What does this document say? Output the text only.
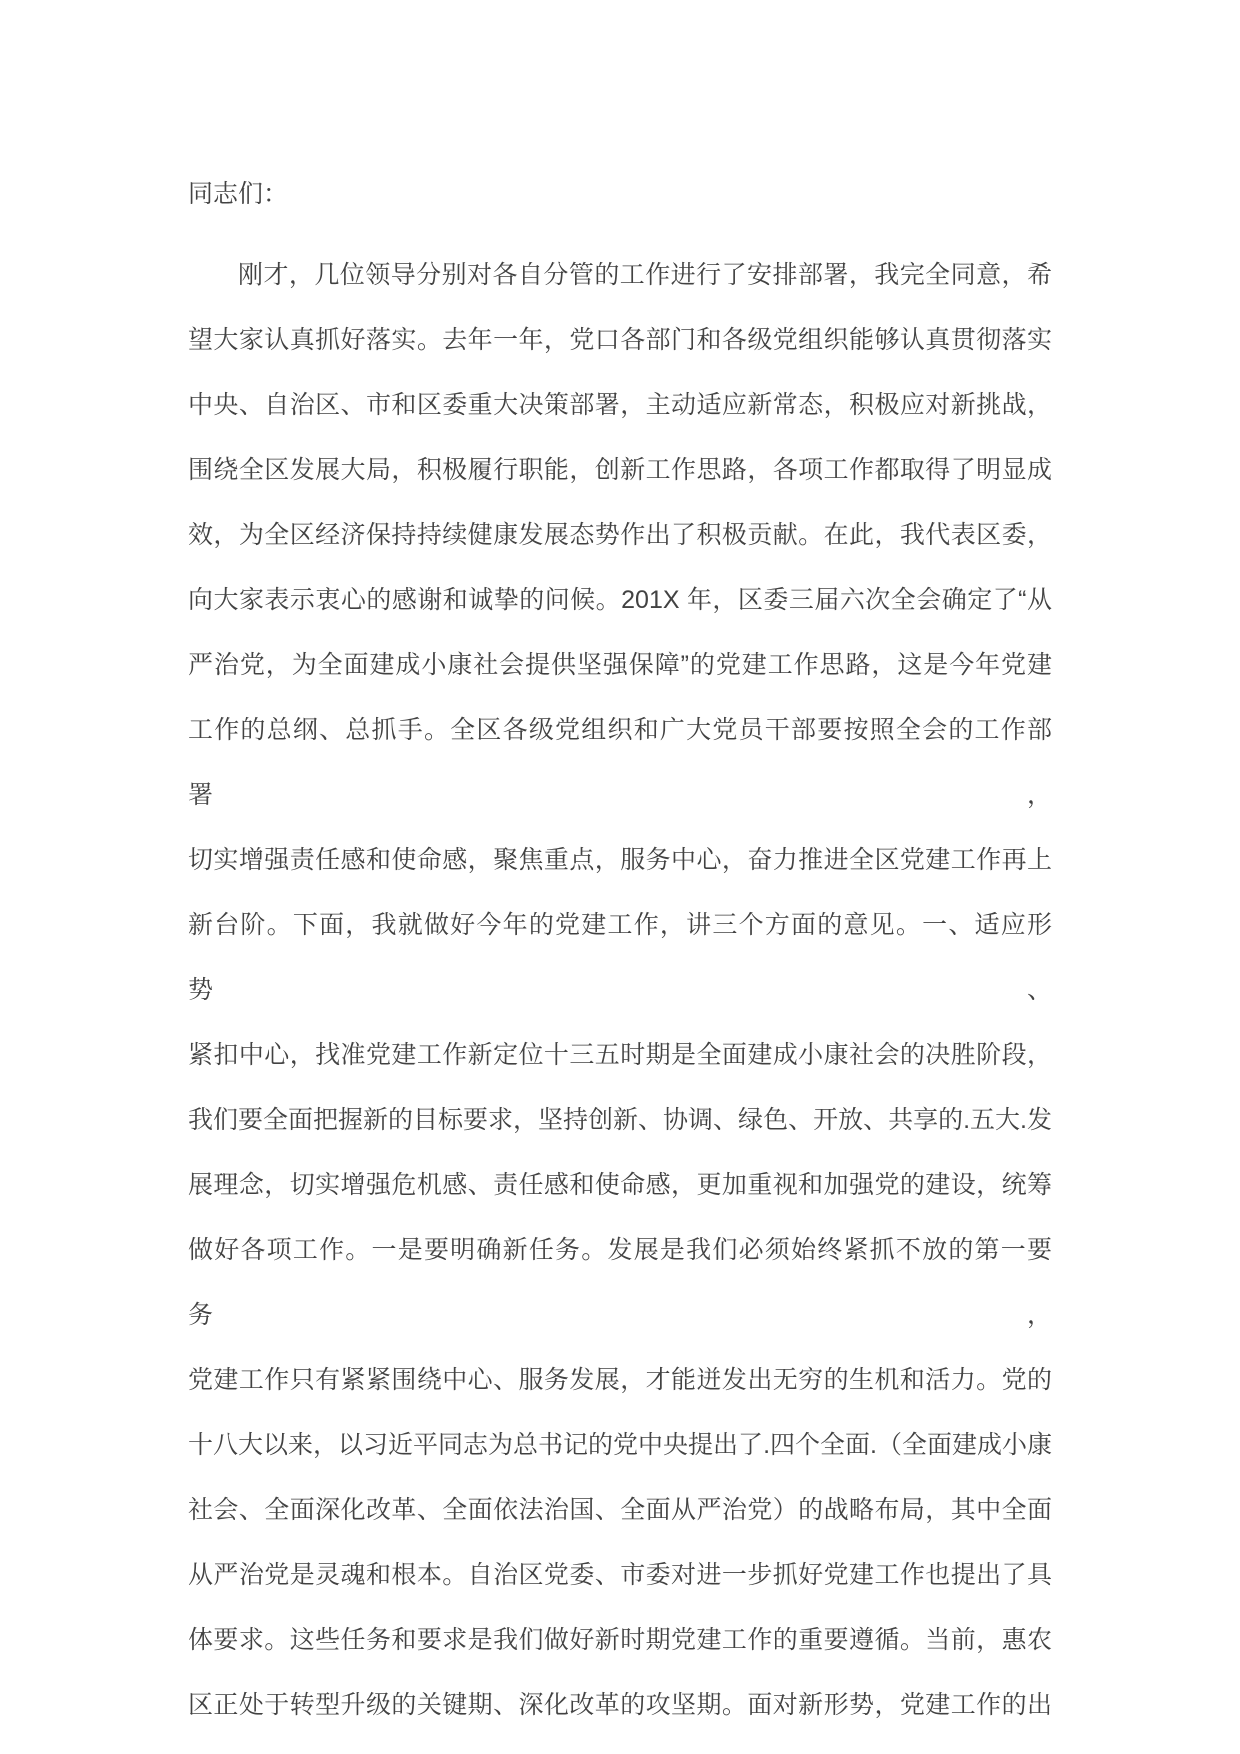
同志们：
刚才，几位领导分别对各自分管的工作进行了安排部署，我完全同意，希
望大家认真抓好落实。去年一年，党口各部门和各级党组织能够认真贯彻落实
中央、自治区、市和区委重大决策部署，主动适应新常态，积极应对新挑战，
围绕全区发展大局，积极履行职能，创新工作思路，各项工作都取得了明显成
效，为全区经济保持持续健康发展态势作出了积极贡献。在此，我代表区委，
向大家表示衷心的感谢和诚挚的问候。201X 年，区委三届六次全会确定了“从
严治党，为全面建成小康社会提供坚强保障”的党建工作思路，这是今年党建
工作的总纲、总抓手。全区各级党组织和广大党员干部要按照全会的工作部署，
切实增强责任感和使命感，聚焦重点，服务中心，奋力推进全区党建工作再上
新台阶。下面，我就做好今年的党建工作，讲三个方面的意见。一、适应形势、
紧扣中心，找准党建工作新定位十三五时期是全面建成小康社会的决胜阶段，
我们要全面把握新的目标要求，坚持创新、协调、绿色、开放、共享的.五大.发
展理念，切实增强危机感、责任感和使命感，更加重视和加强党的建设，统筹
做好各项工作。一是要明确新任务。发展是我们必须始终紧抓不放的第一要务，
党建工作只有紧紧围绕中心、服务发展，才能迸发出无穷的生机和活力。党的
十八大以来，以习近平同志为总书记的党中央提出了.四个全面.（全面建成小康
社会、全面深化改革、全面依法治国、全面从严治党）的战略布局，其中全面
从严治党是灵魂和根本。自治区党委、市委对进一步抓好党建工作也提出了具
体要求。这些任务和要求是我们做好新时期党建工作的重要遵循。当前，惠农
区正处于转型升级的关键期、深化改革的攻坚期。面对新形势，党建工作的出
